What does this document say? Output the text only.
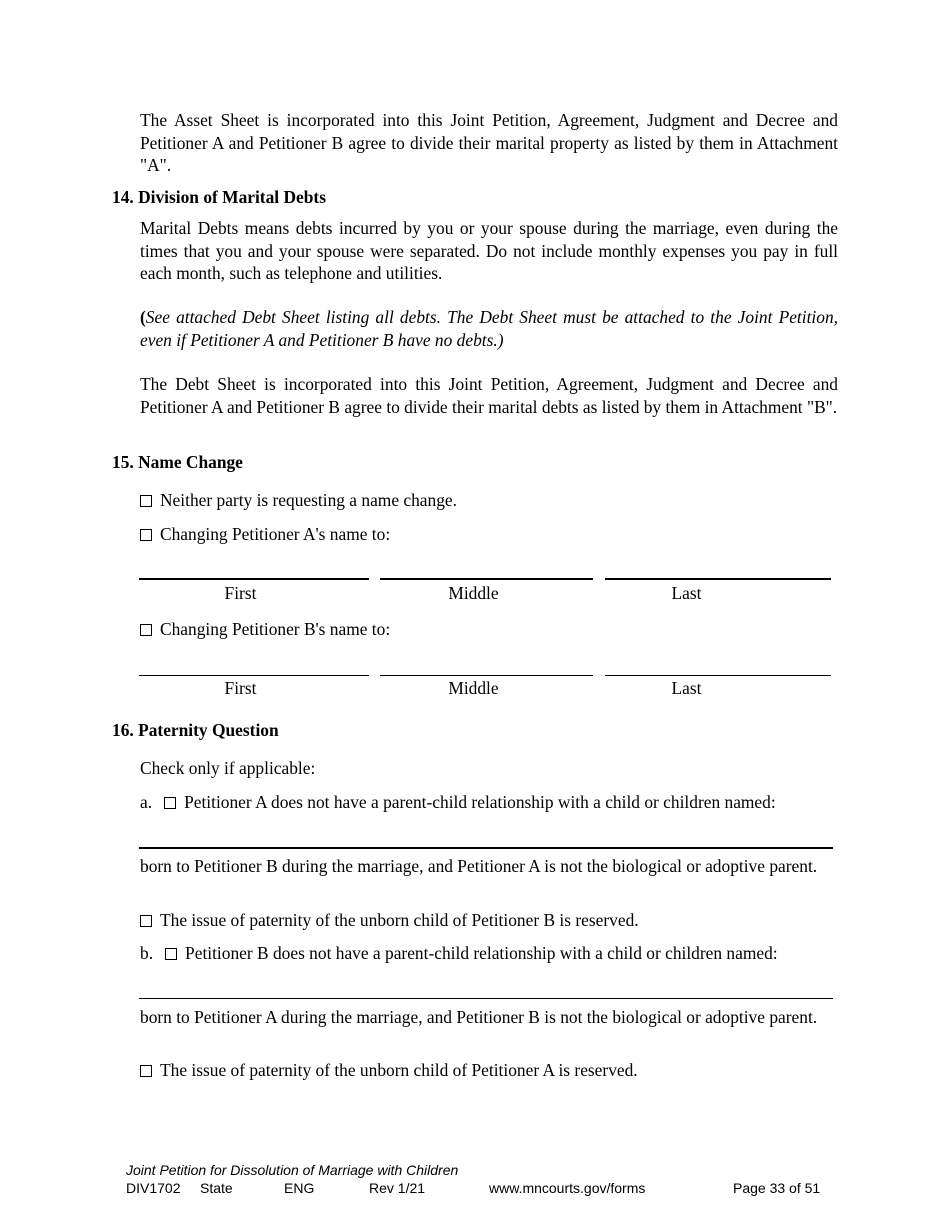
The Asset Sheet is incorporated into this Joint Petition, Agreement, Judgment and Decree and Petitioner A and Petitioner B agree to divide their marital property as listed by them in Attachment "A".

14. Division of Marital Debts

Marital Debts means debts incurred by you or your spouse during the marriage, even during the times that you and your spouse were separated. Do not include monthly expenses you pay in full each month, such as telephone and utilities.

(See attached Debt Sheet listing all debts. The Debt Sheet must be attached to the Joint Petition, even if Petitioner A and Petitioner B have no debts.)

The Debt Sheet is incorporated into this Joint Petition, Agreement, Judgment and Decree and Petitioner A and Petitioner B agree to divide their marital debts as listed by them in Attachment "B".

15. Name Change

Neither party is requesting a name change.

Changing Petitioner A's name to:

First	Middle	Last

Changing Petitioner B's name to:

First	Middle	Last

16. Paternity Question

Check only if applicable:

a. Petitioner A does not have a parent-child relationship with a child or children named:

born to Petitioner B during the marriage, and Petitioner A is not the biological or adoptive parent.

The issue of paternity of the unborn child of Petitioner B is reserved.

b. Petitioner B does not have a parent-child relationship with a child or children named:

born to Petitioner A during the marriage, and Petitioner B is not the biological or adoptive parent.

The issue of paternity of the unborn child of Petitioner A is reserved.

Joint Petition for Dissolution of Marriage with Children
DIV1702 State	ENG	Rev 1/21	www.mncourts.gov/forms	Page 33 of 51
